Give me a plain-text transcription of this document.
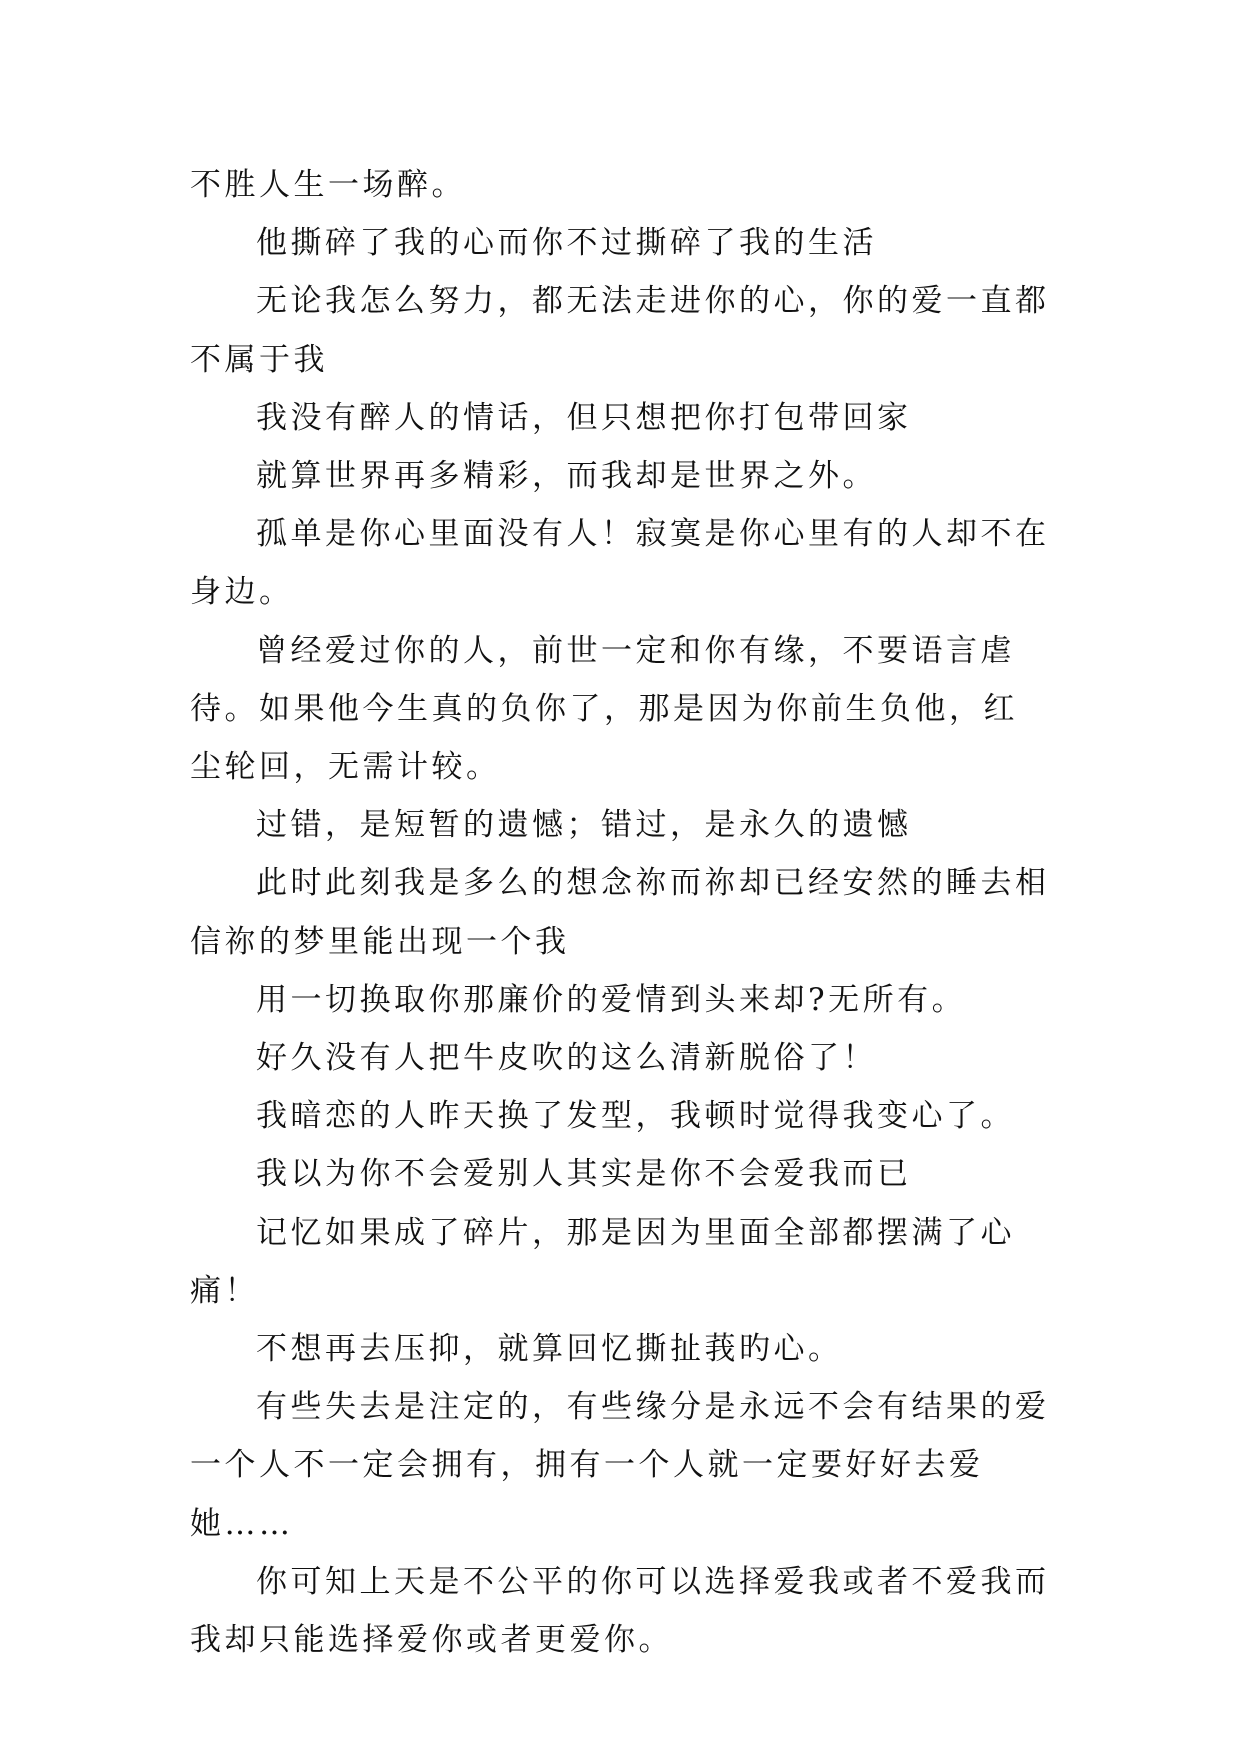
不胜人生一场醉。

他撕碎了我的心而你不过撕碎了我的生活

无论我怎么努力，都无法走进你的心，你的爱一直都不属于我

我没有醉人的情话，但只想把你打包带回家

就算世界再多精彩，而我却是世界之外。

孤单是你心里面没有人！寂寞是你心里有的人却不在身边。

曾经爱过你的人，前世一定和你有缘，不要语言虐待。如果他今生真的负你了，那是因为你前生负他，红尘轮回，无需计较。

过错，是短暂的遗憾；错过，是永久的遗憾

此时此刻我是多么的想念祢而祢却已经安然的睡去相信祢的梦里能出现一个我

用一切换取你那廉价的爱情到头来却?无所有。

好久没有人把牛皮吹的这么清新脱俗了！

我暗恋的人昨天换了发型，我顿时觉得我变心了。

我以为你不会爱别人其实是你不会爱我而已

记忆如果成了碎片，那是因为里面全部都摆满了心痛！

不想再去压抑，就算回忆撕扯莪旳心。

有些失去是注定的，有些缘分是永远不会有结果的爱一个人不一定会拥有，拥有一个人就一定要好好去爱她……

你可知上天是不公平的你可以选择爱我或者不爱我而我却只能选择爱你或者更爱你。
